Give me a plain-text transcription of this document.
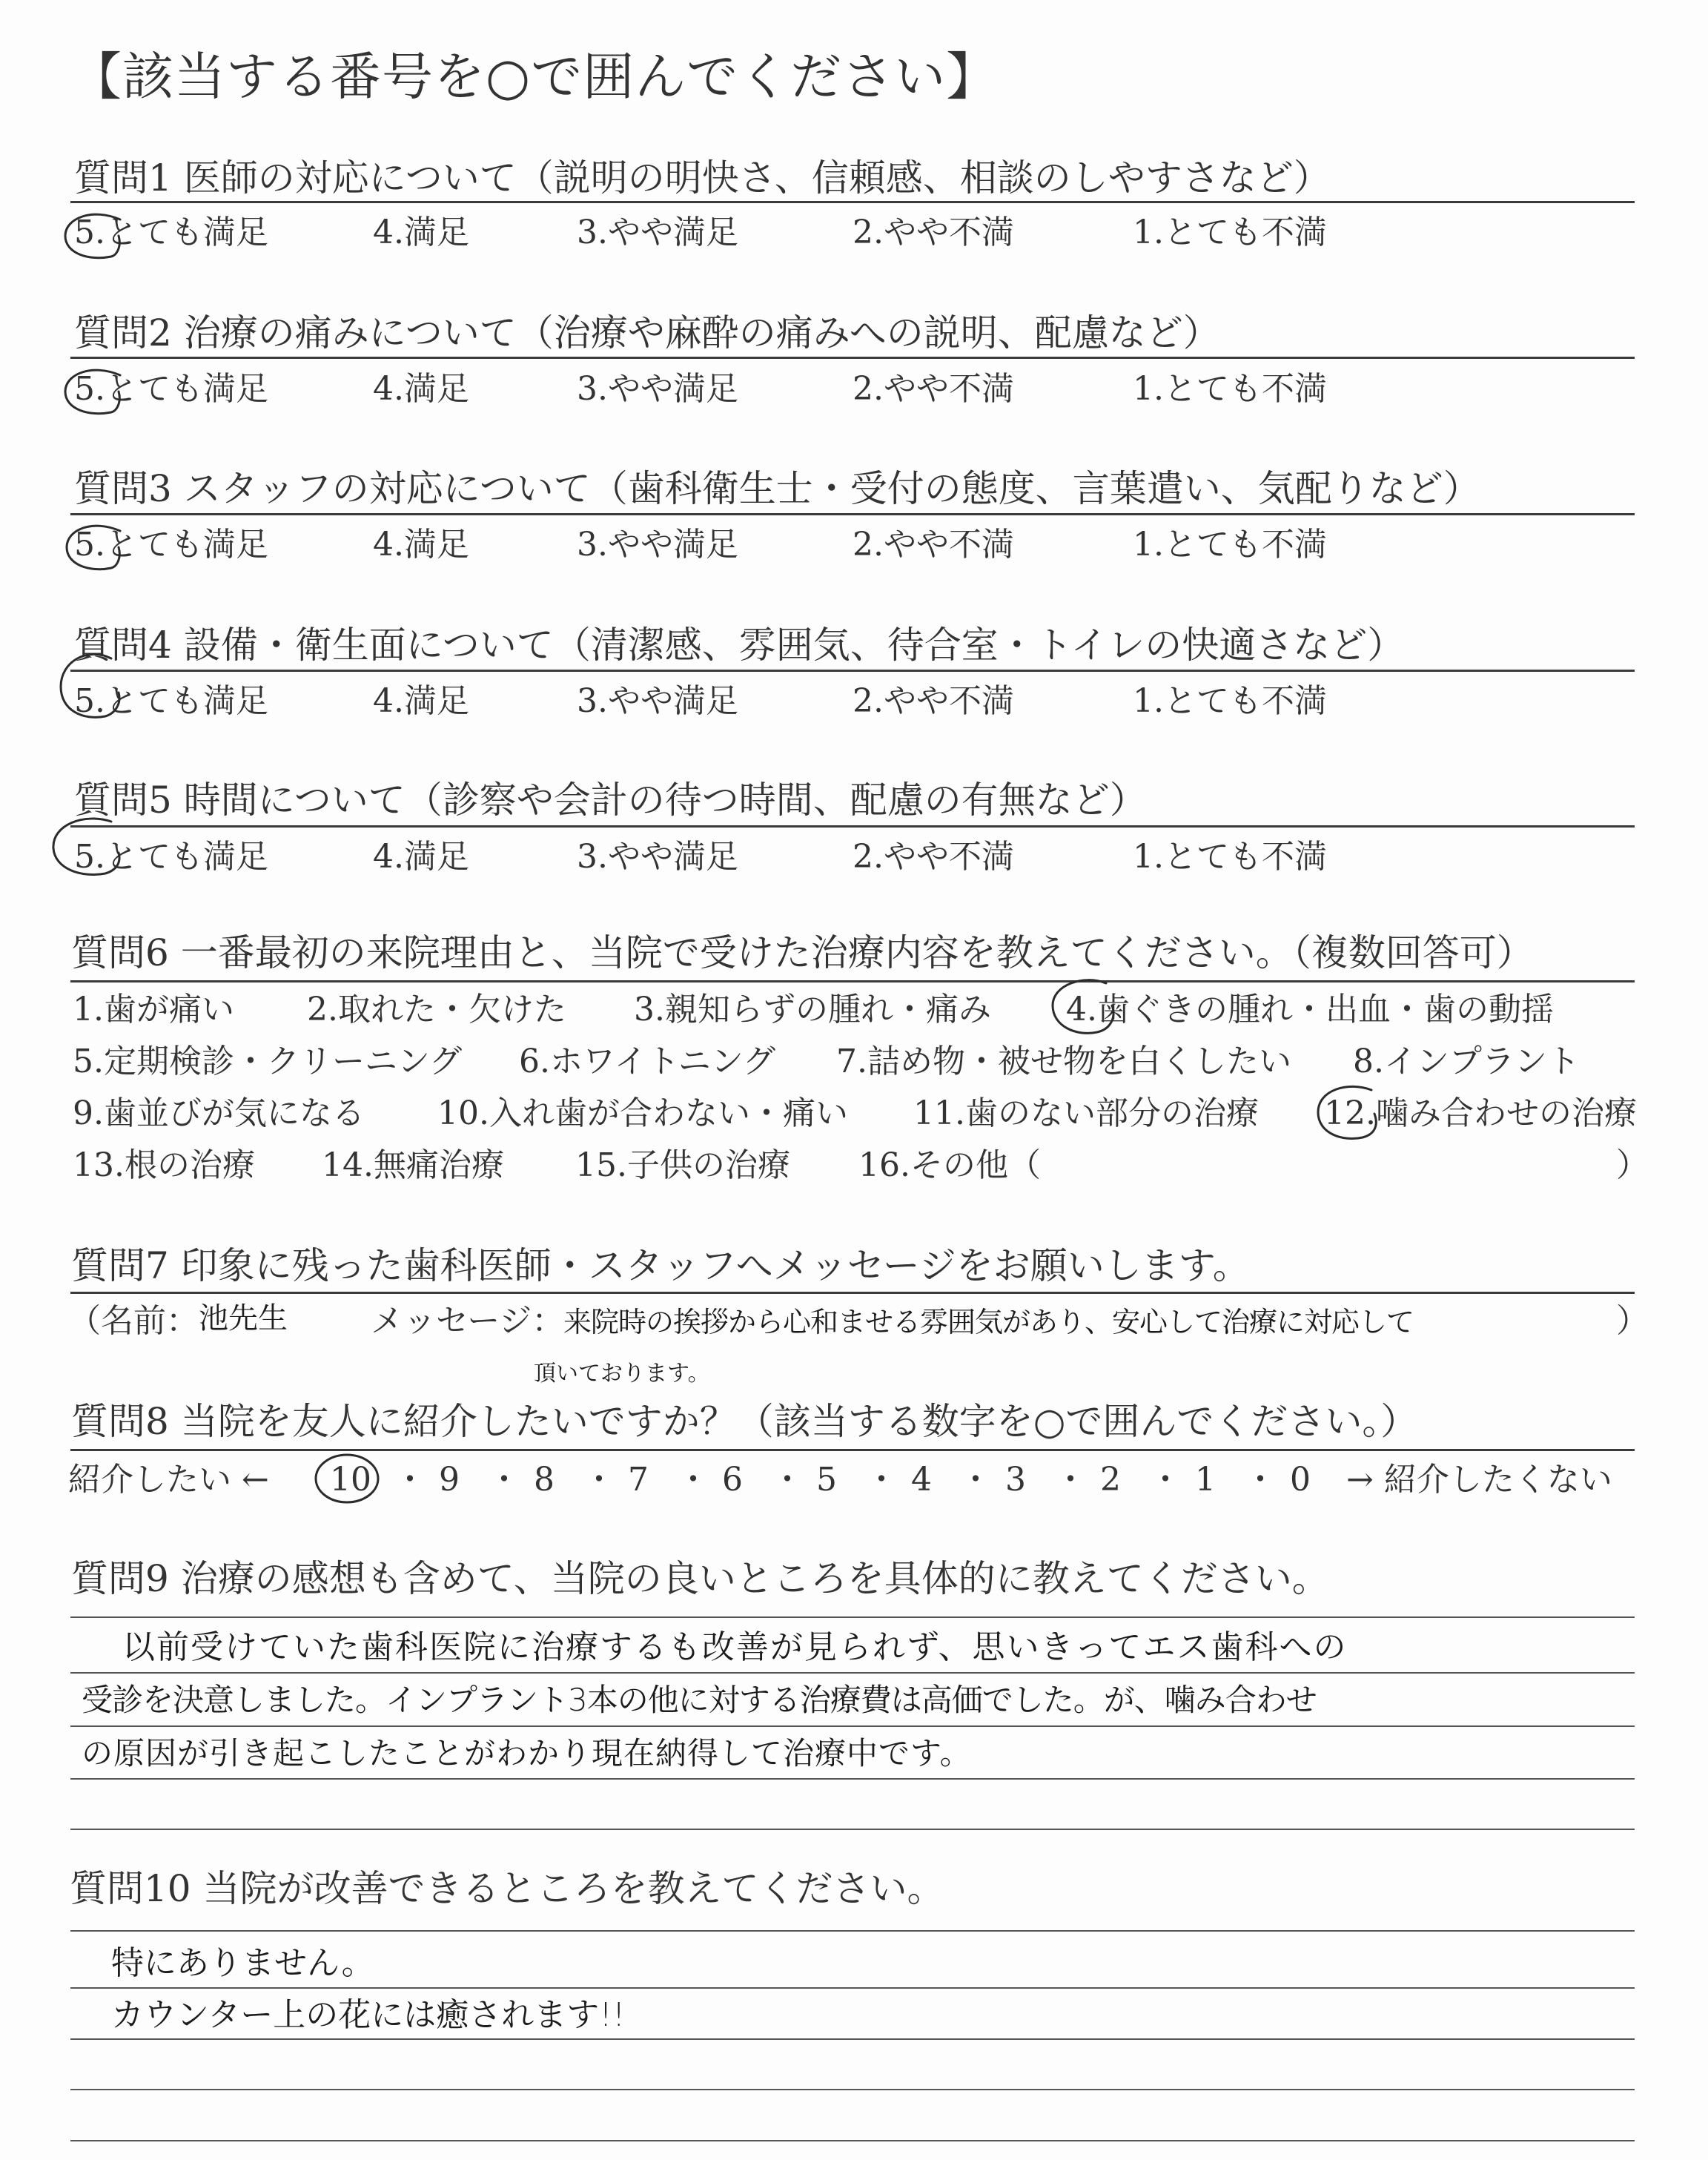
【該当する番号を○で囲んでください】
質問1 医師の対応について（説明の明快さ、信頼感、相談のしやすさなど）
5.とても満足	4.満足	3.やや満足	2.やや不満	1.とても不満
質問2 治療の痛みについて（治療や麻酔の痛みへの説明、配慮など）
5.とても満足	4.満足	3.やや満足	2.やや不満	1.とても不満
質問3 スタッフの対応について（歯科衛生士・受付の態度、言葉遣い、気配りなど）
5.とても満足	4.満足	3.やや満足	2.やや不満	1.とても不満
質問4 設備・衛生面について（清潔感、雰囲気、待合室・トイレの快適さなど）
5.とても満足	4.満足	3.やや満足	2.やや不満	1.とても不満
質問5 時間について（診察や会計の待つ時間、配慮の有無など）
5.とても満足	4.満足	3.やや満足	2.やや不満	1.とても不満
質問6 一番最初の来院理由と、当院で受けた治療内容を教えてください。（複数回答可）
1.歯が痛い 2.取れた・欠けた 3.親知らずの腫れ・痛み 4.歯ぐきの腫れ・出血・歯の動揺
5.定期検診・クリーニング 6.ホワイトニング 7.詰め物・被せ物を白くしたい 8.インプラント
9.歯並びが気になる 10.入れ歯が合わない・痛い 11.歯のない部分の治療 12.噛み合わせの治療
13.根の治療 14.無痛治療 15.子供の治療 16.その他（	）
質問7 印象に残った歯科医師・スタッフへメッセージをお願いします。
（名前： 池先生	メッセージ：
来院時の挨拶から心和ませる雰囲気があり、安心して治療に対応して	）
頂いております。
質問8 当院を友人に紹介したいですか？（該当する数字を○で囲んでください。）
紹介したい ← 10 ・ 9 ・ 8 ・ 7 ・ 6 ・ 5 ・ 4 ・ 3 ・ 2 ・ 1 ・ 0 → 紹介したくない
質問9 治療の感想も含めて、当院の良いところを具体的に教えてください。
以前受けていた歯科医院に治療するも改善が見られず、思いきってエス歯科への
受診を決意しました。インプラント3本の他に対する治療費は高価でした。が、噛み合わせ
の原因が引き起こしたことがわかり現在納得して治療中です。
質問10 当院が改善できるところを教えてください。
特にありません。
カウンター上の花には癒されます!!
